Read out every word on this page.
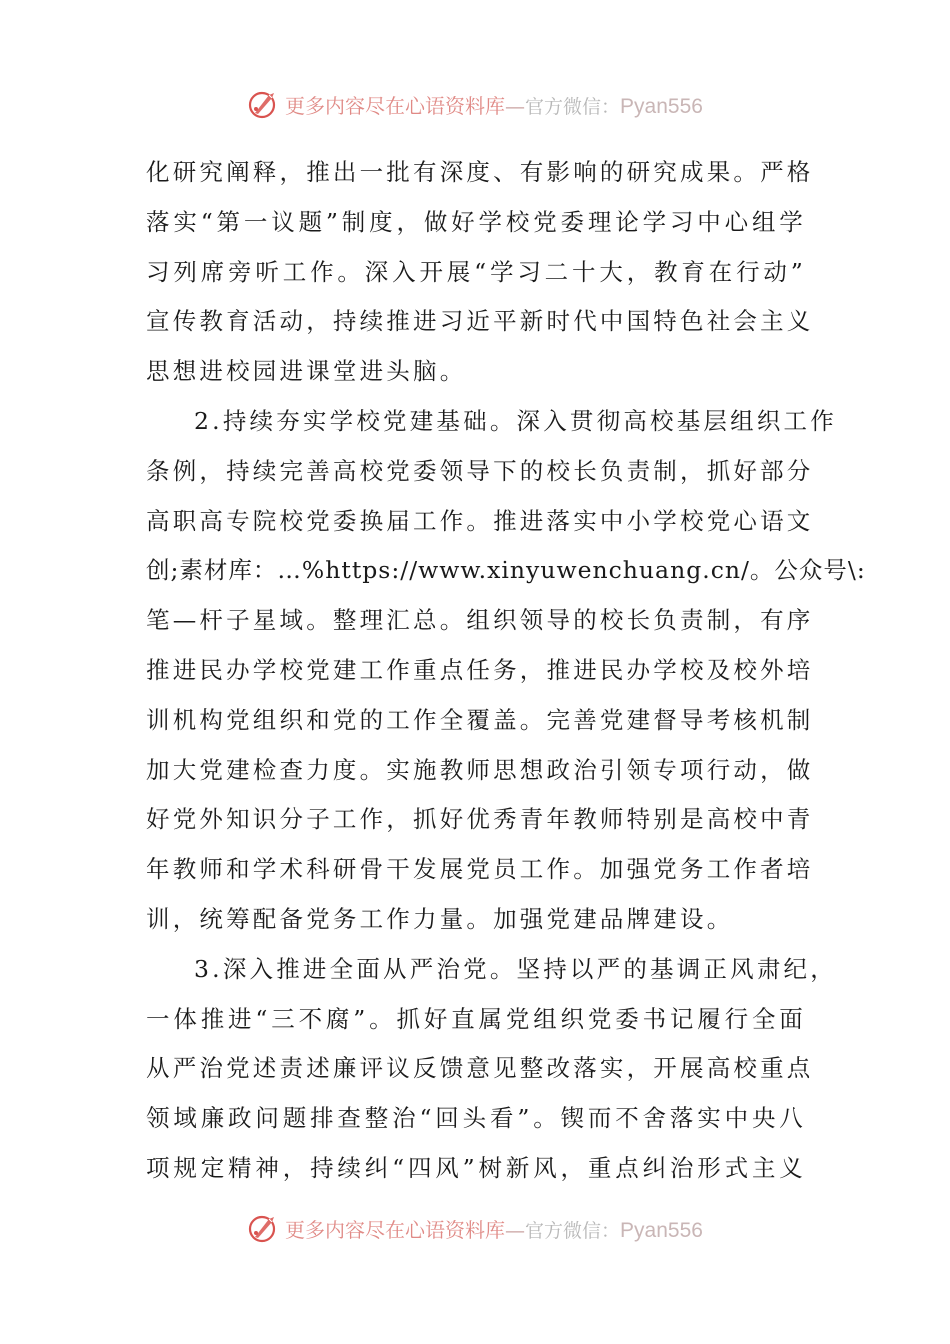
更多内容尽在心语资料库—官方微信：Pyan556
化研究阐释，推出一批有深度、有影响的研究成果。严格
落实“第一议题”制度，做好学校党委理论学习中心组学
习列席旁听工作。深入开展“学习二十大，教育在行动”
宣传教育活动，持续推进习近平新时代中国特色社会主义
思想进校园进课堂进头脑。
2.持续夯实学校党建基础。深入贯彻高校基层组织工作
条例，持续完善高校党委领导下的校长负责制，抓好部分
高职高专院校党委换届工作。推进落实中小学校党心语文
创;素材库：…%https://www.xinyuwenchuang.cn/。公众号\:
笔—杆子星域。整理汇总。组织领导的校长负责制，有序
推进民办学校党建工作重点任务，推进民办学校及校外培
训机构党组织和党的工作全覆盖。完善党建督导考核机制
加大党建检查力度。实施教师思想政治引领专项行动，做
好党外知识分子工作，抓好优秀青年教师特别是高校中青
年教师和学术科研骨干发展党员工作。加强党务工作者培
训，统筹配备党务工作力量。加强党建品牌建设。
3.深入推进全面从严治党。坚持以严的基调正风肃纪，
一体推进“三不腐”。抓好直属党组织党委书记履行全面
从严治党述责述廉评议反馈意见整改落实，开展高校重点
领域廉政问题排查整治“回头看”。锲而不舍落实中央八
项规定精神，持续纠“四风”树新风，重点纠治形式主义
更多内容尽在心语资料库—官方微信：Pyan556
